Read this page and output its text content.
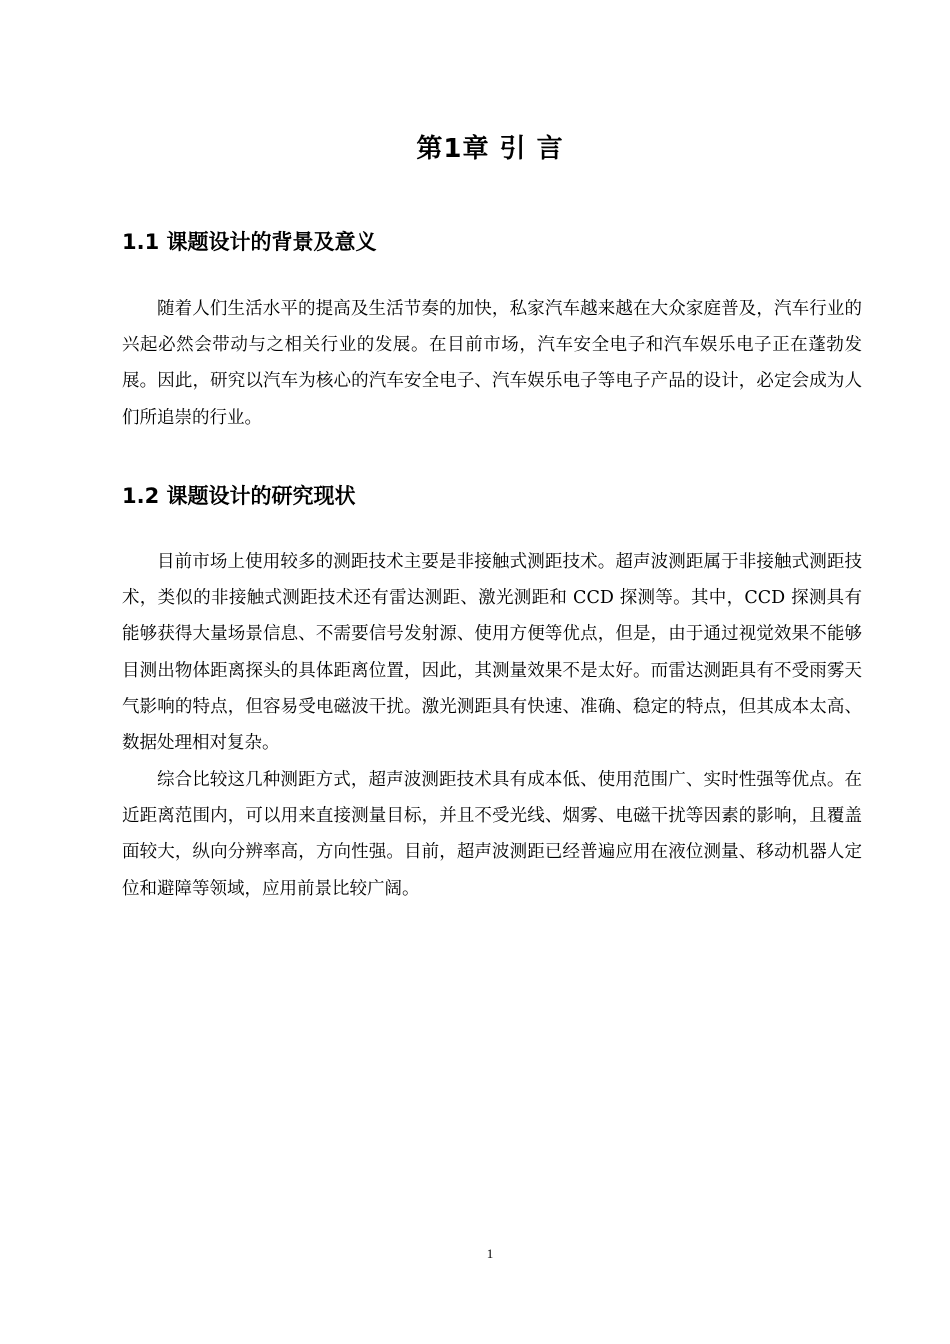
第1章 引 言
1.1 课题设计的背景及意义

随着人们生活水平的提高及生活节奏的加快，私家汽车越来越在大众家庭普及，汽车行业的兴起必然会带动与之相关行业的发展。在目前市场，汽车安全电子和汽车娱乐电子正在蓬勃发展。因此，研究以汽车为核心的汽车安全电子、汽车娱乐电子等电子产品的设计，必定会成为人们所追崇的行业。

1.2 课题设计的研究现状

目前市场上使用较多的测距技术主要是非接触式测距技术。超声波测距属于非接触式测距技术，类似的非接触式测距技术还有雷达测距、激光测距和 CCD 探测等。其中，CCD 探测具有能够获得大量场景信息、不需要信号发射源、使用方便等优点，但是，由于通过视觉效果不能够目测出物体距离探头的具体距离位置，因此，其测量效果不是太好。而雷达测距具有不受雨雾天气影响的特点，但容易受电磁波干扰。激光测距具有快速、准确、稳定的特点，但其成本太高、数据处理相对复杂。

综合比较这几种测距方式，超声波测距技术具有成本低、使用范围广、实时性强等优点。在近距离范围内，可以用来直接测量目标，并且不受光线、烟雾、电磁干扰等因素的影响，且覆盖面较大，纵向分辨率高，方向性强。目前，超声波测距已经普遍应用在液位测量、移动机器人定位和避障等领域，应用前景比较广阔。

1
